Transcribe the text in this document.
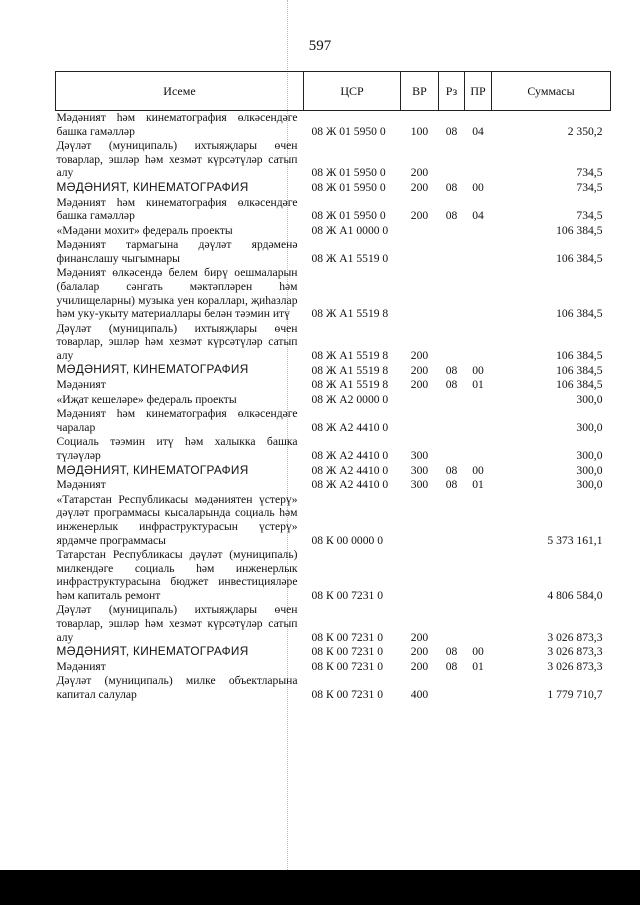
597
Исеме	ЦСР	ВР	Рз	ПР	Суммасы
Мәдәният һәм кинематография өлкәсендәге башка гамәлләр	08 Ж 01 5950 0	100	08	04	2 350,2
Дәүләт (муниципаль) ихтыяҗлары өчен товарлар, эшләр һәм хезмәт күрсәтүләр сатып алу	08 Ж 01 5950 0	200			734,5
МӘДӘНИЯТ, КИНЕМАТОГРАФИЯ	08 Ж 01 5950 0	200	08	00	734,5
Мәдәният һәм кинематография өлкәсендәге башка гамәлләр	08 Ж 01 5950 0	200	08	04	734,5
«Мәдәни мохит» федераль проекты	08 Ж А1 0000 0				106 384,5
Мәдәният тармагына дәүләт ярдәменә финанслашу чыгымнары	08 Ж А1 5519 0				106 384,5
Мәдәният өлкәсендә белем бирү оешмаларын (балалар сәнгать мәктәпләрен һәм училищеларны) музыка уен коралларı, җиһазлар һәм уку-укыту материаллары белән тәэмин итү	08 Ж А1 5519 8				106 384,5
Дәүләт (муниципаль) ихтыяҗлары өчен товарлар, эшләр һәм хезмәт күрсәтүләр сатып алу	08 Ж А1 5519 8	200			106 384,5
МӘДӘНИЯТ, КИНЕМАТОГРАФИЯ	08 Ж А1 5519 8	200	08	00	106 384,5
Мәдәният	08 Ж А1 5519 8	200	08	01	106 384,5
«Иҗат кешеләре» федераль проекты	08 Ж А2 0000 0				300,0
Мәдәният һәм кинематография өлкәсендәге чаралар	08 Ж А2 4410 0				300,0
Социаль тәэмин итү һәм халыкка башка түләүләр	08 Ж А2 4410 0	300			300,0
МӘДӘНИЯТ, КИНЕМАТОГРАФИЯ	08 Ж А2 4410 0	300	08	00	300,0
Мәдәният	08 Ж А2 4410 0	300	08	01	300,0
«Татарстан Республикасы мәдәниятен үстерү» дәүләт программасы кысаларында социаль һәм инженерлык инфраструктурасын үстерү» ярдәмче программасы	08 К 00 0000 0				5 373 161,1
Татарстан Республикасы дәүләт (муниципаль) милкендәге социаль һәм инженерлык инфраструктурасына бюджет инвестицияләре һәм капиталь ремонт	08 К 00 7231 0				4 806 584,0
Дәүләт (муниципаль) ихтыяҗлары өчен товарлар, эшләр һәм хезмәт күрсәтүләр сатып алу	08 К 00 7231 0	200			3 026 873,3
МӘДӘНИЯТ, КИНЕМАТОГРАФИЯ	08 К 00 7231 0	200	08	00	3 026 873,3
Мәдәният	08 К 00 7231 0	200	08	01	3 026 873,3
Дәүләт (муниципаль) милке объектларына капитал салулар	08 К 00 7231 0	400			1 779 710,7
